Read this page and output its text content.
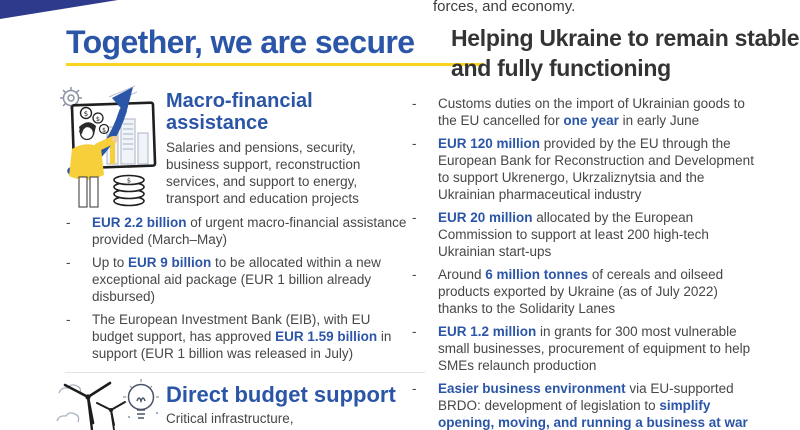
forces, and economy.
Together, we are secure Helping Ukraine to remain stable and fully functioning
$
$
$
$
Macro-financial assistance

Salaries and pensions, security, business support, reconstruction services, and support to energy, transport and education projects

-	EUR 2.2 billion of urgent macro-financial assistance provided (March–May)

-	Up to EUR 9 billion to be allocated within a new exceptional aid package (EUR 1 billion already disbursed)

-	The European Investment Bank (EIB), with EU budget support, has approved EUR 1.59 billion in support (EUR 1 billion was released in July)

Direct budget support

Critical infrastructure,

-	Customs duties on the import of Ukrainian goods to the EU cancelled for one year in early June

-	EUR 120 million provided by the EU through the European Bank for Reconstruction and Development to support Ukrenergo, Ukrzaliznytsia and the Ukrainian pharmaceutical industry

-	EUR 20 million allocated by the European Commission to support at least 200 high-tech Ukrainian start-ups

-	Around 6 million tonnes of cereals and oilseed products exported by Ukraine (as of July 2022) thanks to the Solidarity Lanes

-	EUR 1.2 million in grants for 300 most vulnerable small businesses, procurement of equipment to help SMEs relaunch production

-	Easier business environment via EU-supported BRDO: development of legislation to simplify opening, moving, and running a business at war
